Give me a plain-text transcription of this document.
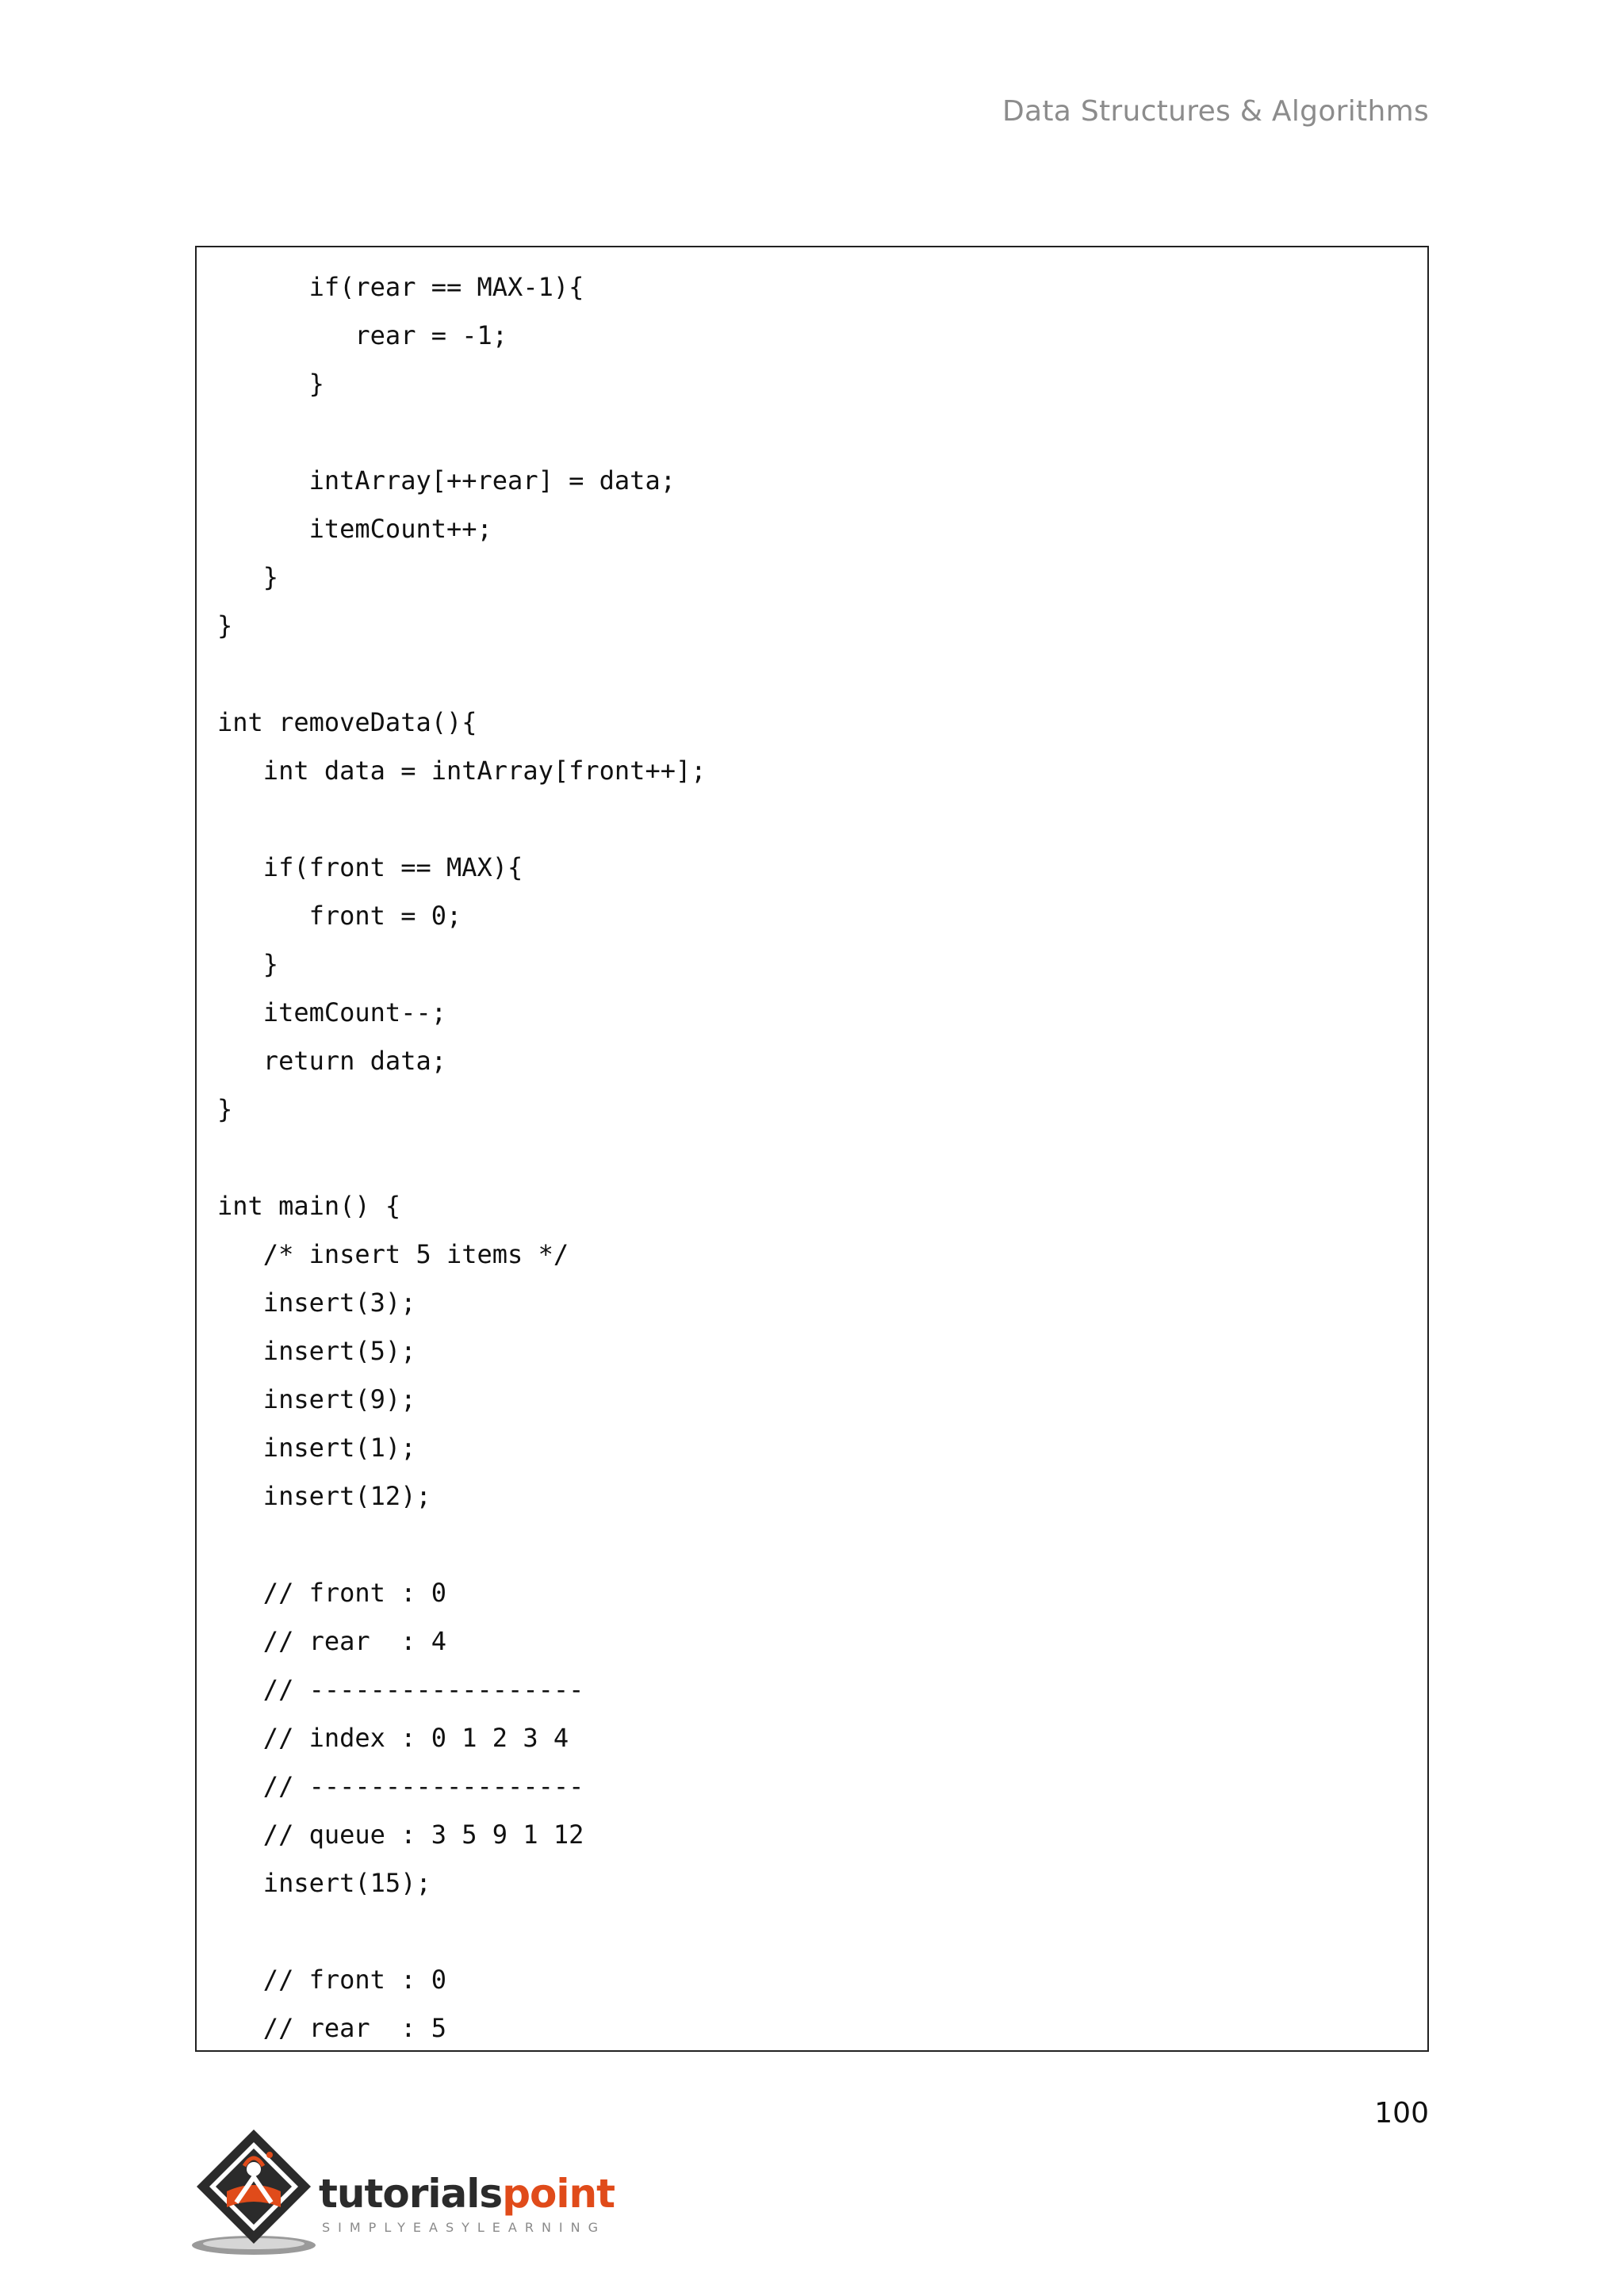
Data Structures & Algorithms
if(rear == MAX-1){
rear = -1;
}
intArray[++rear] = data;
itemCount++;
}
}
int removeData(){
int data = intArray[front++];
if(front == MAX){
front = 0;
}
itemCount--;
return data;
}
int main() {
/* insert 5 items */
insert(3);
insert(5);
insert(9);
insert(1);
insert(12);
// front : 0
// rear  : 4
// ------------------
// index : 0 1 2 3 4
// ------------------
// queue : 3 5 9 1 12
insert(15);
// front : 0
// rear  : 5
100
tutorialspoint
SIMPLYEASYLEARNING
